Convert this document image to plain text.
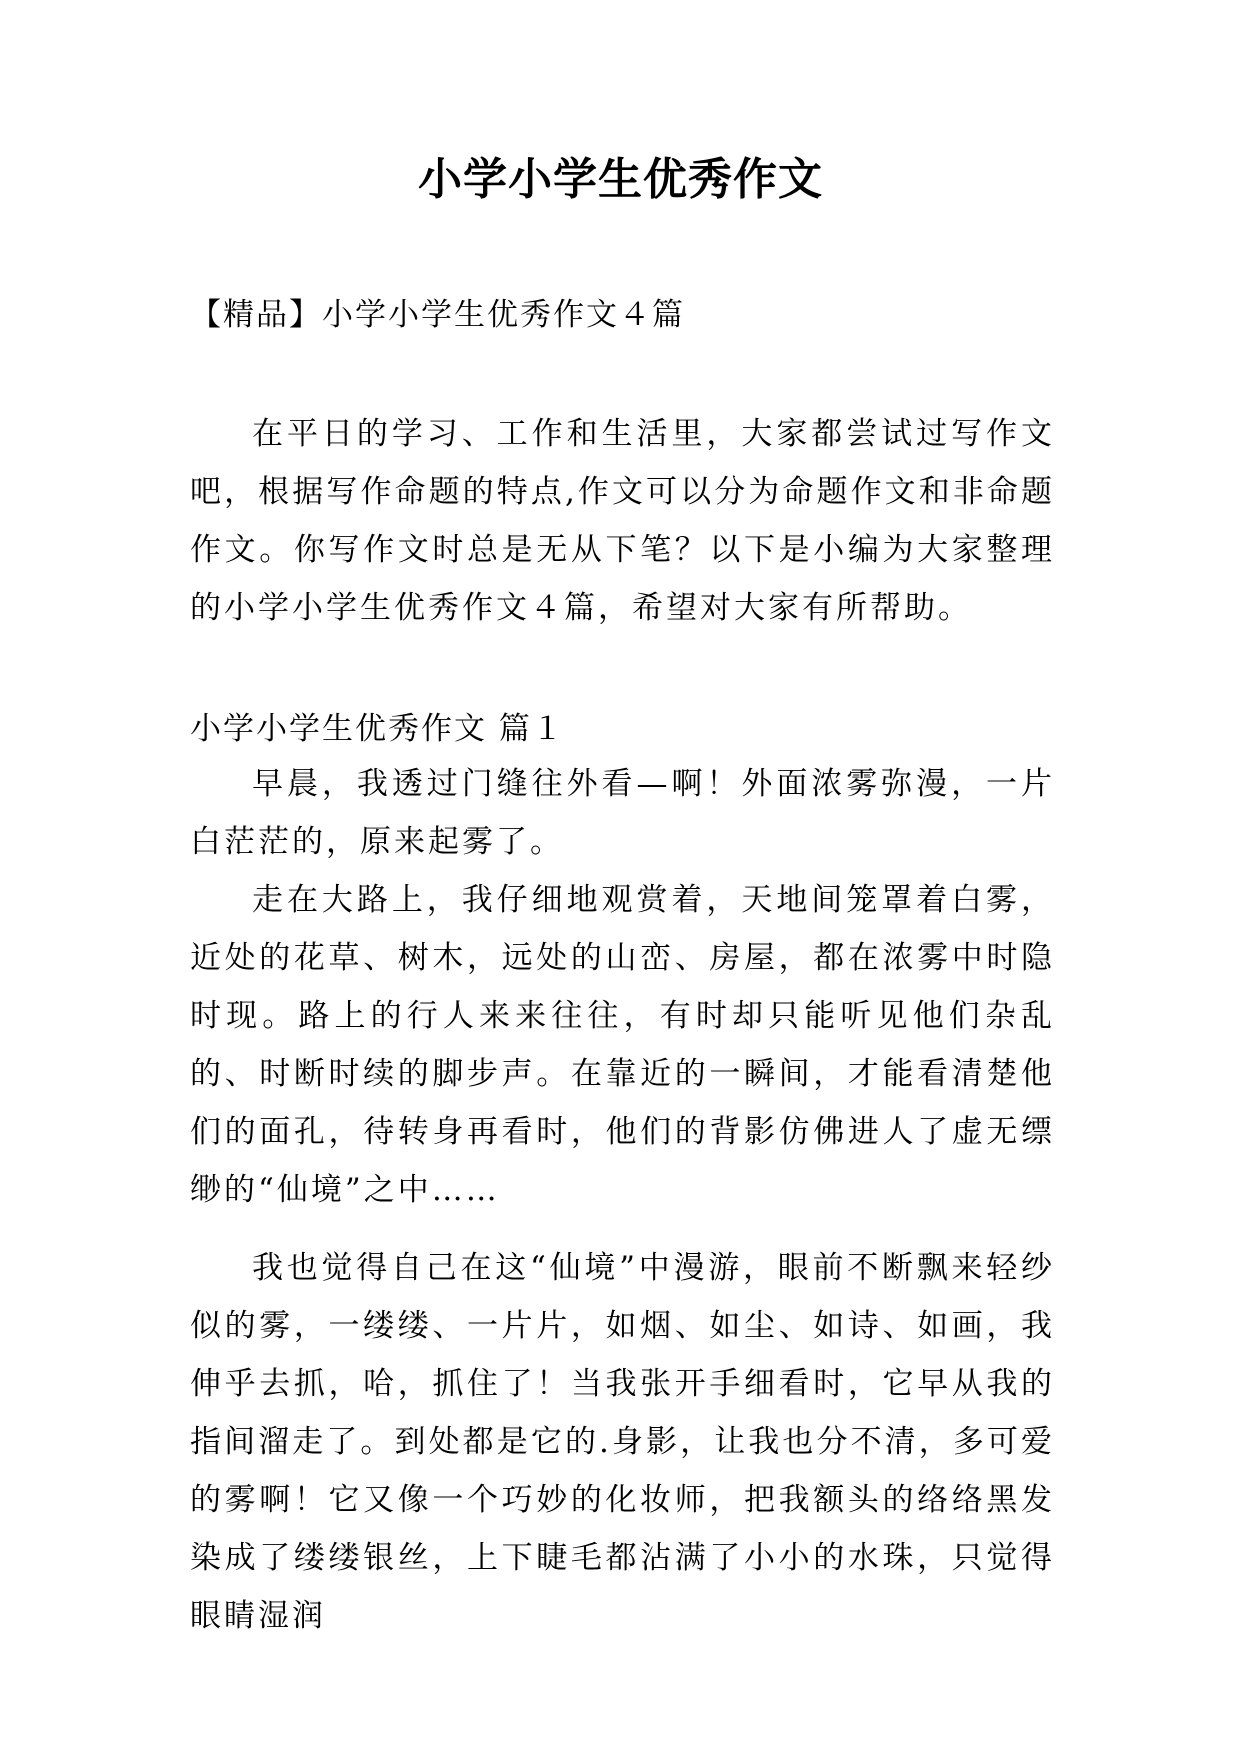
小学小学生优秀作文
【精品】小学小学生优秀作文４篇

在平日的学习、工作和生活里，大家都尝试过写作文吧，根据写作命题的特点,作文可以分为命题作文和非命题作文。你写作文时总是无从下笔？以下是小编为大家整理的小学小学生优秀作文４篇，希望对大家有所帮助。

小学小学生优秀作文 篇１

早晨，我透过门缝往外看—啊！外面浓雾弥漫，一片白茫茫的，原来起雾了。

走在大路上，我仔细地观赏着，天地间笼罩着白雾，近处的花草、树木，远处的山峦、房屋，都在浓雾中时隐时现。路上的行人来来往往，有时却只能听见他们杂乱的、时断时续的脚步声。在靠近的一瞬间，才能看清楚他们的面孔，待转身再看时，他们的背影仿佛进人了虚无缥缈的“仙境”之中……

我也觉得自己在这“仙境”中漫游，眼前不断飘来轻纱似的雾，一缕缕、一片片，如烟、如尘、如诗、如画，我伸乎去抓，哈，抓住了！当我张开手细看时，它早从我的指间溜走了。到处都是它的.身影，让我也分不清，多可爱的雾啊！它又像一个巧妙的化妆师，把我额头的络络黑发染成了缕缕银丝，上下睫毛都沾满了小小的水珠，只觉得眼睛湿润
